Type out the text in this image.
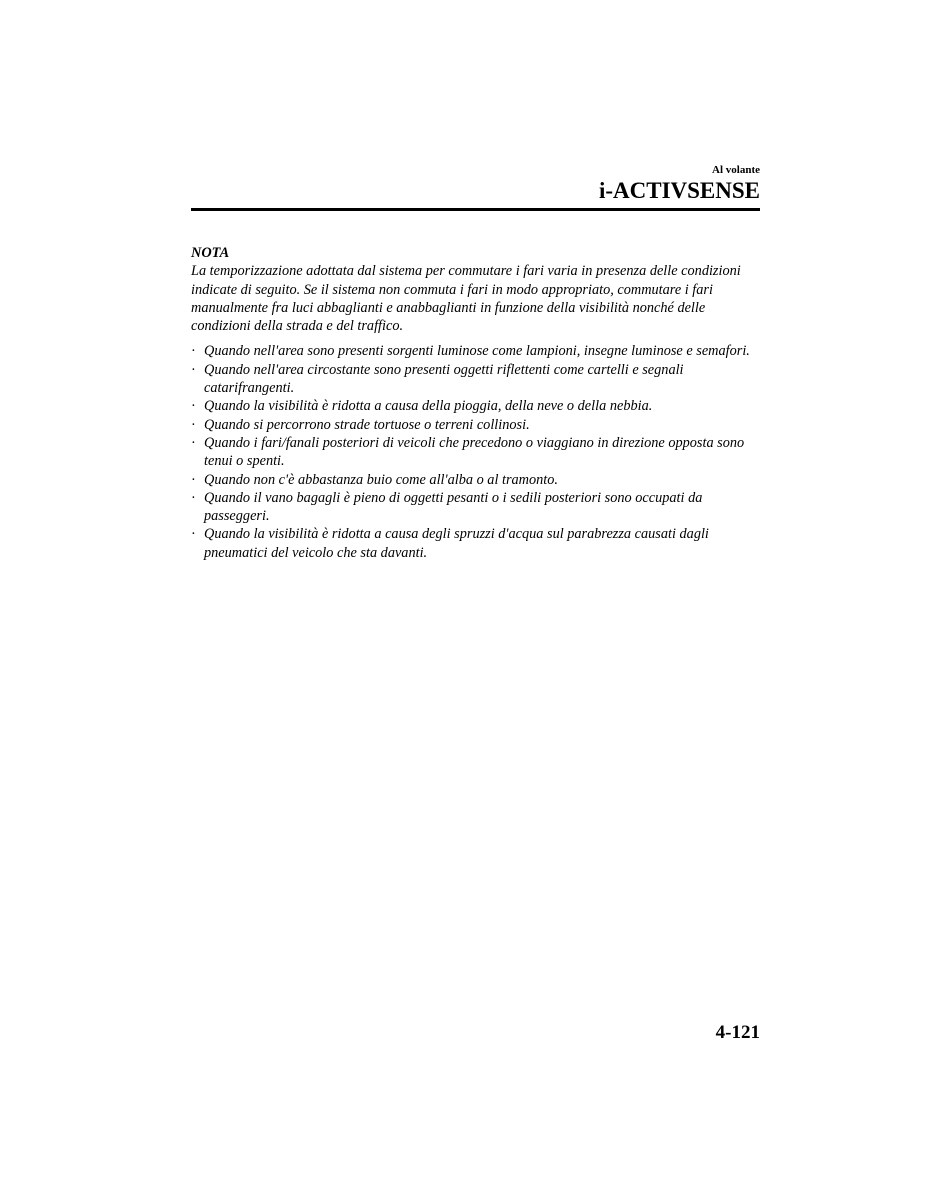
Al volante
i-ACTIVSENSE
NOTA

La temporizzazione adottata dal sistema per commutare i fari varia in presenza delle condizioni indicate di seguito. Se il sistema non commuta i fari in modo appropriato, commutare i fari manualmente fra luci abbaglianti e anabbaglianti in funzione della visibilità nonché delle condizioni della strada e del traffico.

· Quando nell'area sono presenti sorgenti luminose come lampioni, insegne luminose e semafori.
· Quando nell'area circostante sono presenti oggetti riflettenti come cartelli e segnali catarifrangenti.
· Quando la visibilità è ridotta a causa della pioggia, della neve o della nebbia.
· Quando si percorrono strade tortuose o terreni collinosi.
· Quando i fari/fanali posteriori di veicoli che precedono o viaggiano in direzione opposta sono tenui o spenti.
· Quando non c'è abbastanza buio come all'alba o al tramonto.
· Quando il vano bagagli è pieno di oggetti pesanti o i sedili posteriori sono occupati da passeggeri.
· Quando la visibilità è ridotta a causa degli spruzzi d'acqua sul parabrezza causati dagli pneumatici del veicolo che sta davanti.
4-121
